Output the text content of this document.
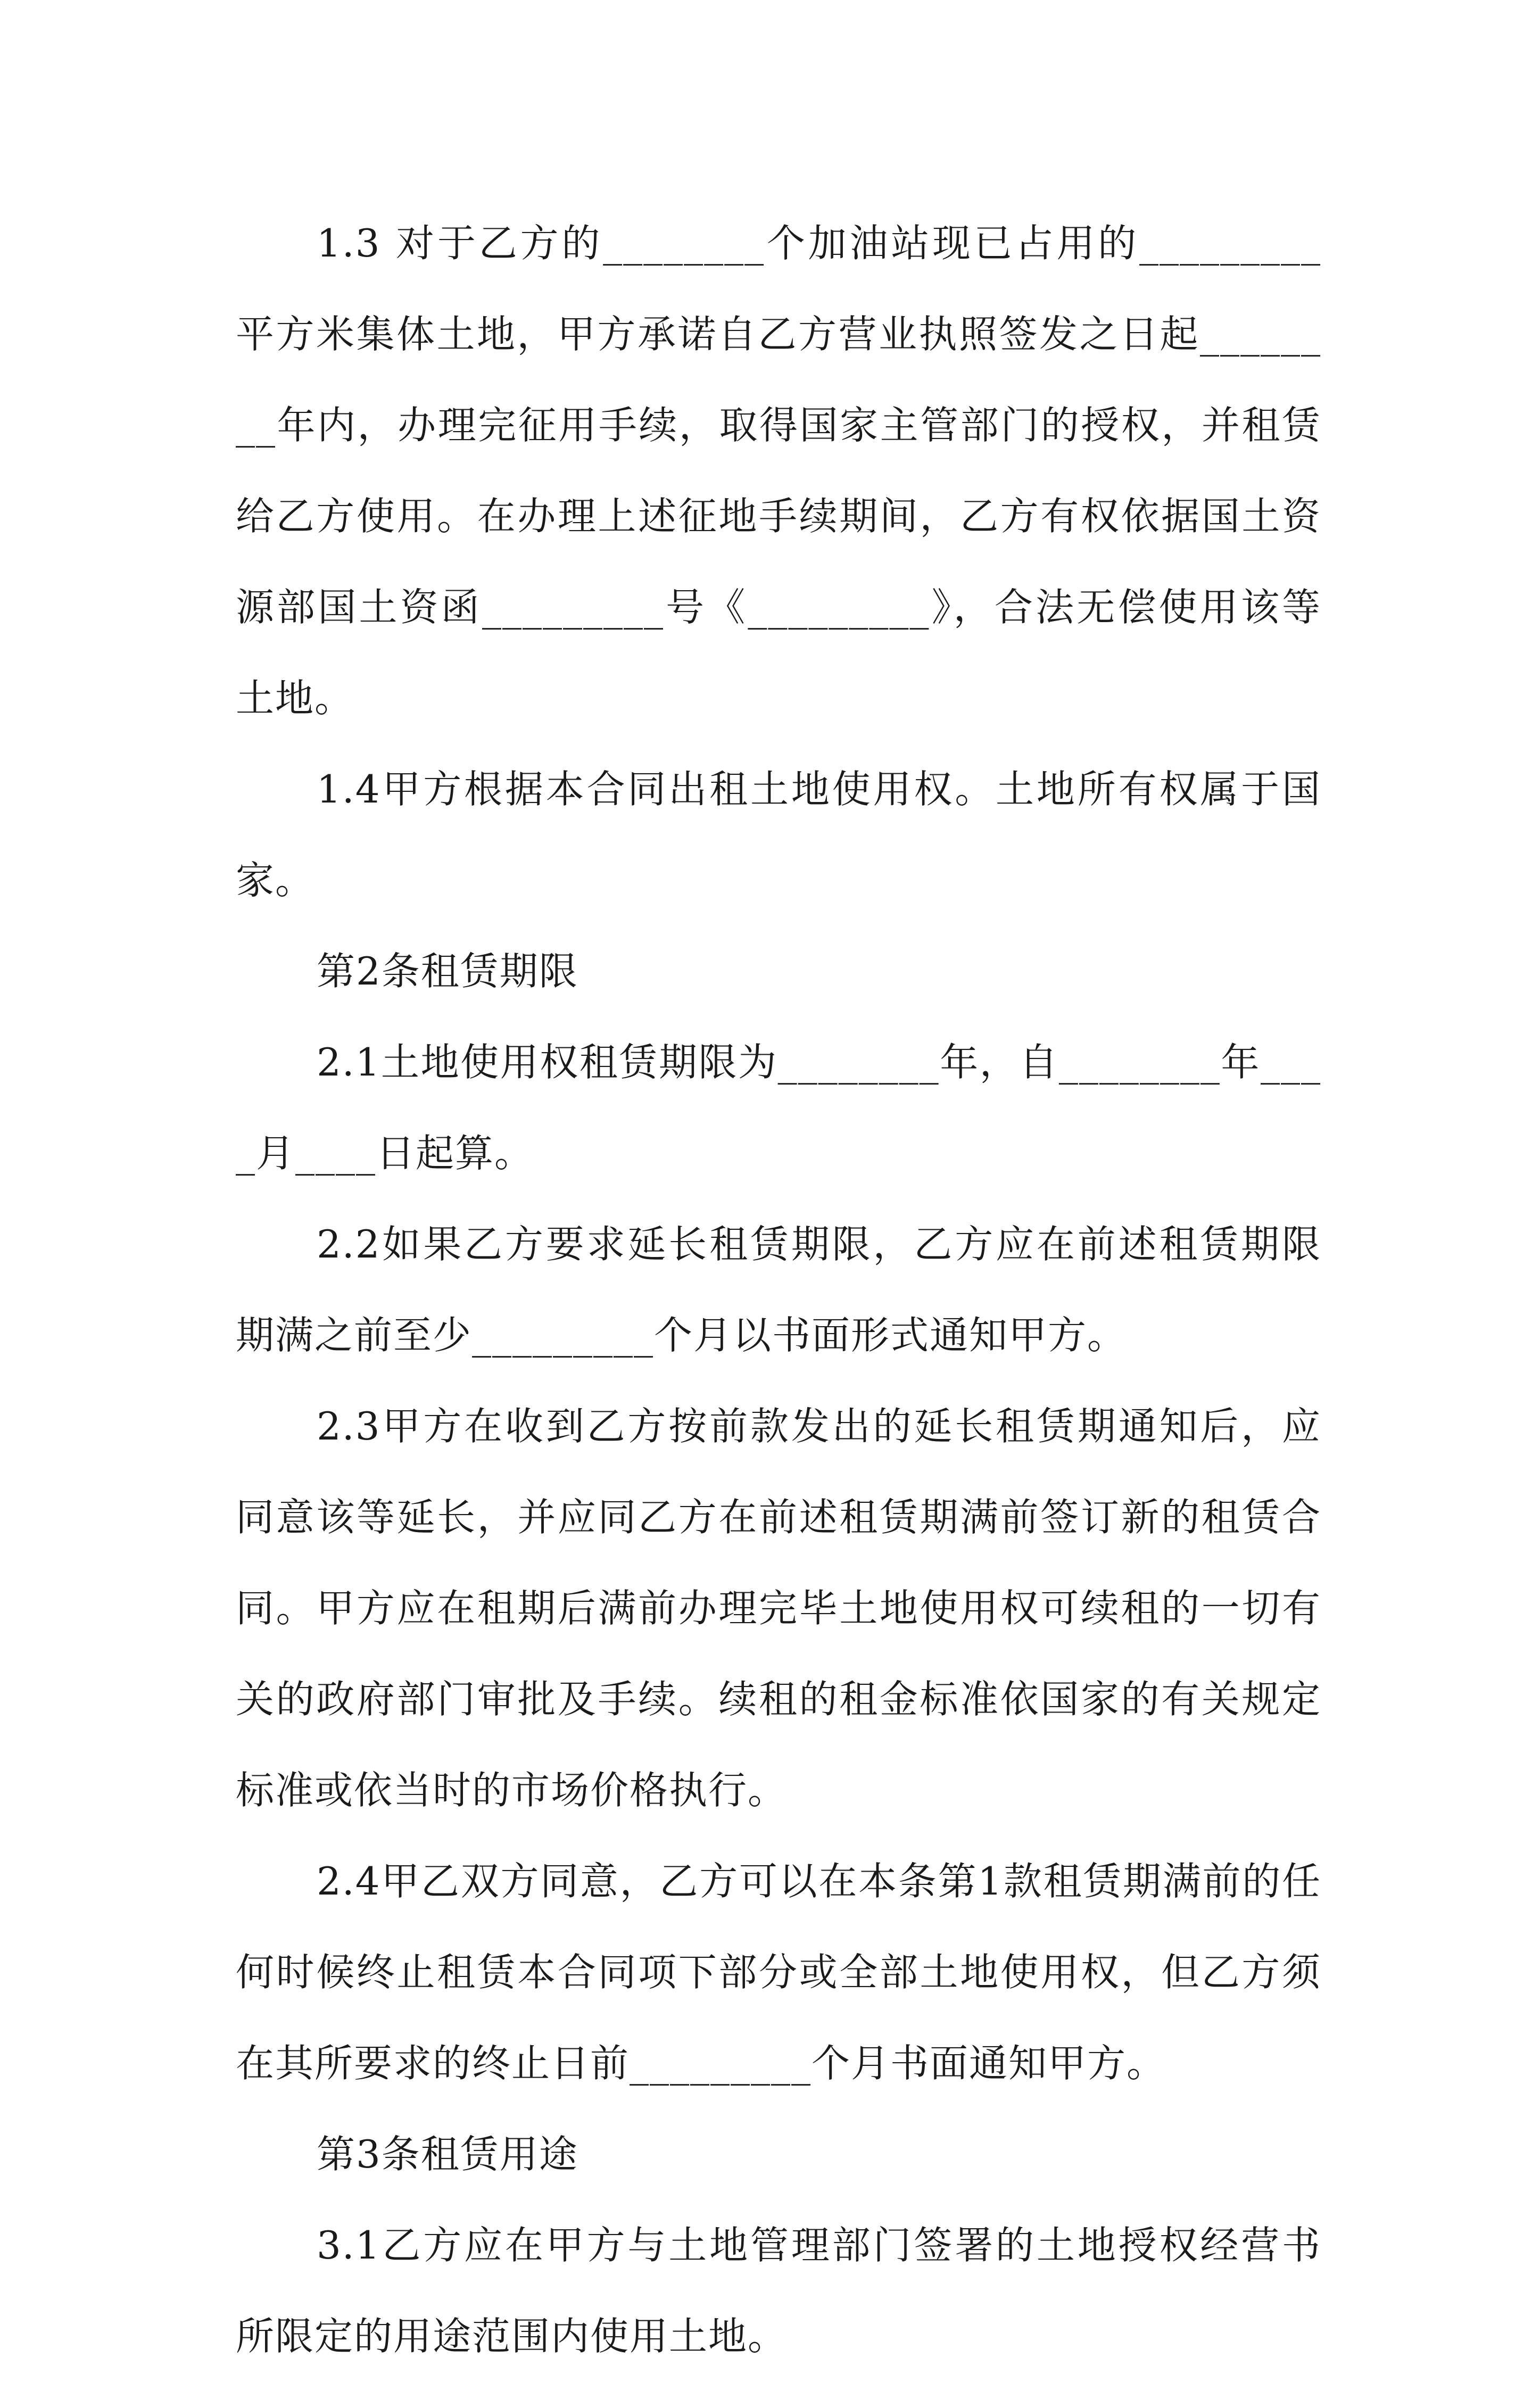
1.3 对于乙方的________个加油站现已占用的_________平方米集体土地，甲方承诺自乙方营业执照签发之日起________年内，办理完征用手续，取得国家主管部门的授权，并租赁给乙方使用。在办理上述征地手续期间，乙方有权依据国土资源部国土资函_________号《_________》，合法无偿使用该等土地。

1.4甲方根据本合同出租土地使用权。土地所有权属于国家。

第2条租赁期限

2.1土地使用权租赁期限为________年，自________年____月____日起算。

2.2如果乙方要求延长租赁期限，乙方应在前述租赁期限期满之前至少_________个月以书面形式通知甲方。

2.3甲方在收到乙方按前款发出的延长租赁期通知后，应同意该等延长，并应同乙方在前述租赁期满前签订新的租赁合同。甲方应在租期后满前办理完毕土地使用权可续租的一切有关的政府部门审批及手续。续租的租金标准依国家的有关规定标准或依当时的市场价格执行。

2.4甲乙双方同意，乙方可以在本条第1款租赁期满前的任何时候终止租赁本合同项下部分或全部土地使用权，但乙方须在其所要求的终止日前_________个月书面通知甲方。

第3条租赁用途

3.1乙方应在甲方与土地管理部门签署的土地授权经营书所限定的用途范围内使用土地。
